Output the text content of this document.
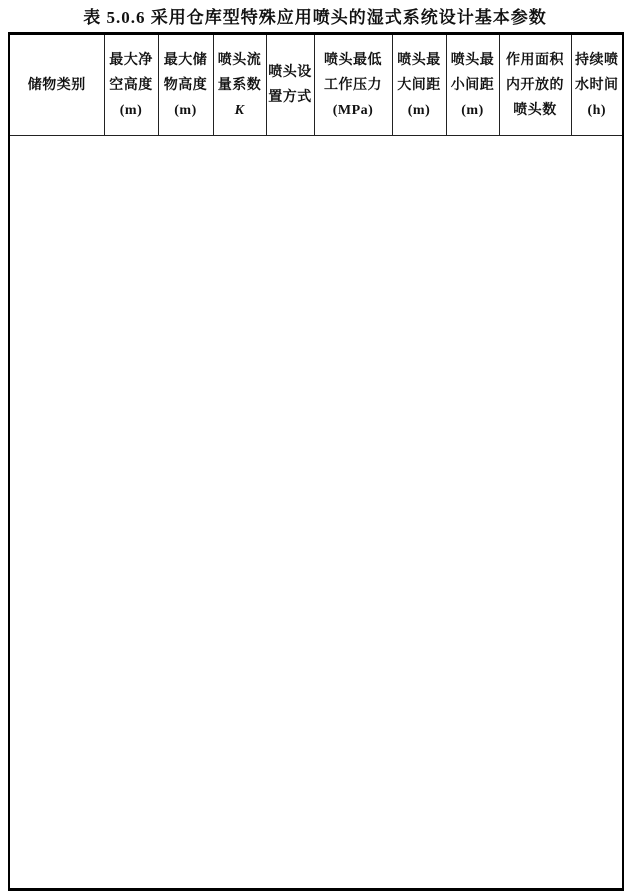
表 5.0.6 采用仓库型特殊应用喷头的湿式系统设计基本参数
储物类别

最大净
空高度
(m)

最大储
物高度
(m)

喷头流
量系数
K

喷头设
置方式

喷头最低
工作压力
(MPa)

喷头最
大间距
(m)

喷头最
小间距
(m)

作用面积
内开放的
喷头数

持续喷
水时间
(h)
